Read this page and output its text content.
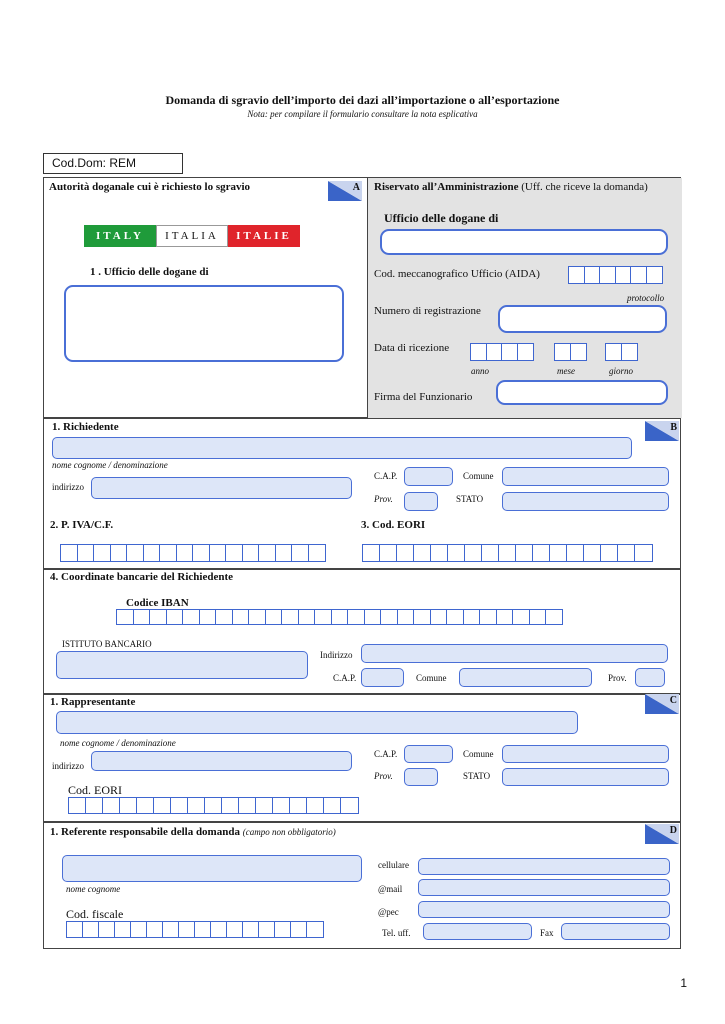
Domanda di sgravio dell’importo dei dazi all’importazione o all’esportazione
Nota: per compilare il formulario consultare la nota esplicativa
Cod.Dom: REM
Autorità doganale cui è richiesto lo sgravio	A Riservato all’Amministrazione (Uff. che riceve la domanda)
ITALY	ITALIA	ITALIE
1 . Ufficio delle dogane di
Ufficio delle dogane di
Cod. meccanografico Ufficio (AIDA)
protocollo
Numero di registrazione
Data di ricezione
anno	mese	giorno
Firma del Funzionario
1. Richiedente	B
nome cognome / denominazione
indirizzo
C.A.P.	Comune
Prov.	STATO
2. P. IVA/C.F.	3. Cod. EORI
4. Coordinate bancarie del Richiedente
Codice IBAN
ISTITUTO BANCARIO
Indirizzo
C.A.P.	Comune	Prov.
1. Rappresentante	C
nome cognome / denominazione
indirizzo
C.A.P.	Comune
Prov.	STATO
Cod. EORI
1. Referente responsabile della domanda (campo non obbligatorio)	D
nome cognome
Cod. fiscale
cellulare
@mail
@pec
Tel. uff.	Fax
1
